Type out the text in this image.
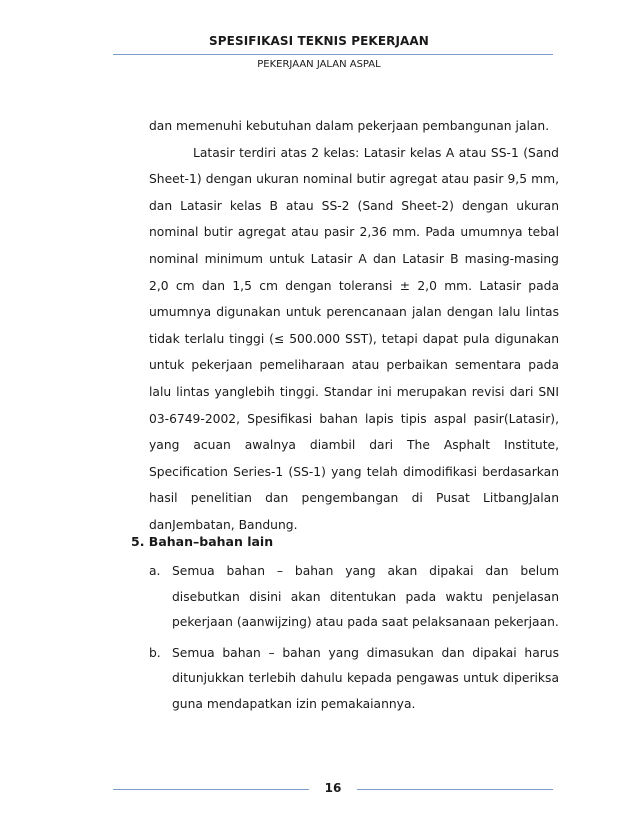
SPESIFIKASI TEKNIS PEKERJAAN
PEKERJAAN JALAN ASPAL

dan memenuhi kebutuhan dalam pekerjaan pembangunan jalan.

Latasir terdiri atas 2 kelas: Latasir kelas A atau SS-1 (Sand Sheet-1) dengan ukuran nominal butir agregat atau pasir 9,5 mm, dan Latasir kelas B atau SS-2 (Sand Sheet-2) dengan ukuran nominal butir agregat atau pasir 2,36 mm. Pada umumnya tebal nominal minimum untuk Latasir A dan Latasir B masing-masing 2,0 cm dan 1,5 cm dengan toleransi ± 2,0 mm. Latasir pada umumnya digunakan untuk perencanaan jalan dengan lalu lintas tidak terlalu tinggi (≤ 500.000 SST), tetapi dapat pula digunakan untuk pekerjaan pemeliharaan atau perbaikan sementara pada lalu lintas yanglebih tinggi. Standar ini merupakan revisi dari SNI 03-6749-2002, Spesifikasi bahan lapis tipis aspal pasir(Latasir), yang acuan awalnya diambil dari The Asphalt Institute, Specification Series-1 (SS-1) yang telah dimodifikasi berdasarkan hasil penelitian dan pengembangan di Pusat LitbangJalan danJembatan, Bandung.

5. Bahan–bahan lain
a. Semua bahan – bahan yang akan dipakai dan belum disebutkan disini akan ditentukan pada waktu penjelasan pekerjaan (aanwijzing) atau pada saat pelaksanaan pekerjaan.
b. Semua bahan – bahan yang dimasukan dan dipakai harus ditunjukkan terlebih dahulu kepada pengawas untuk diperiksa guna mendapatkan izin pemakaiannya.
16
